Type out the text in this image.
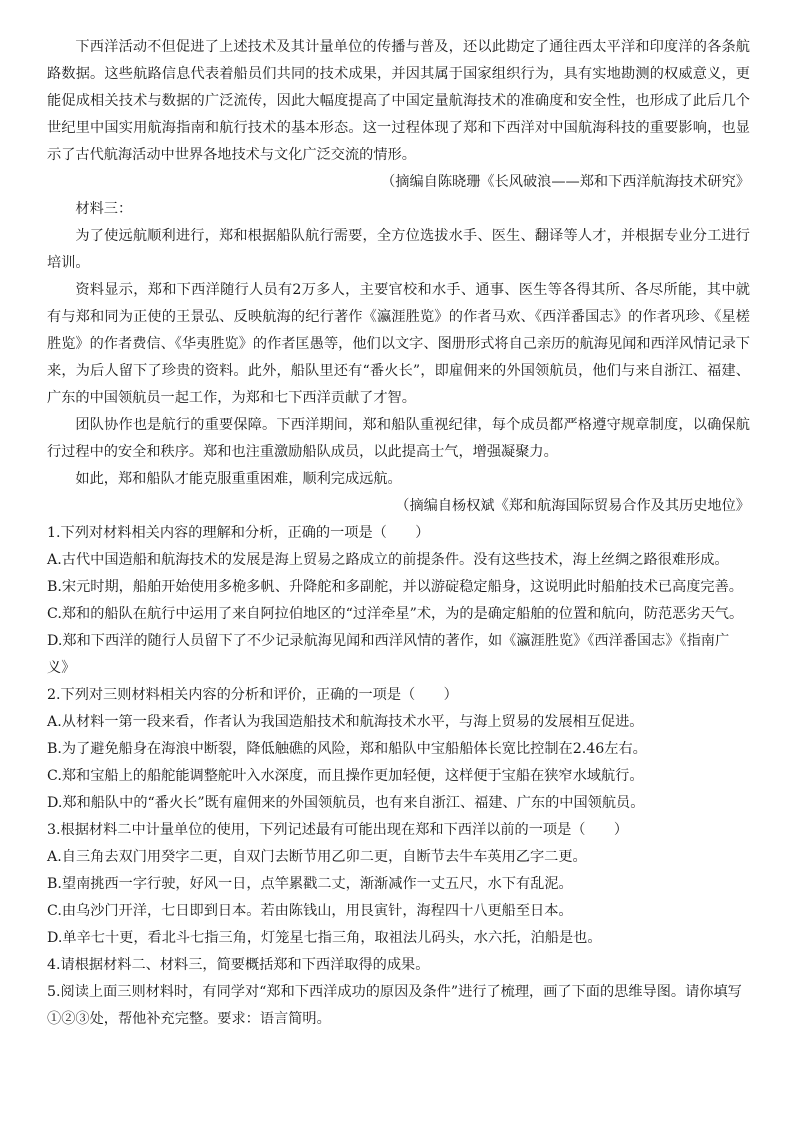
下西洋活动不但促进了上述技术及其计量单位的传播与普及，还以此勘定了通往西太平洋和印度洋的各条航路数据。这些航路信息代表着船员们共同的技术成果，并因其属于国家组织行为，具有实地勘测的权威意义，更能促成相关技术与数据的广泛流传，因此大幅度提高了中国定量航海技术的准确度和安全性，也形成了此后几个世纪里中国实用航海指南和航行技术的基本形态。这一过程体现了郑和下西洋对中国航海科技的重要影响，也显示了古代航海活动中世界各地技术与文化广泛交流的情形。

（摘编自陈晓珊《长风破浪——郑和下西洋航海技术研究》

材料三：

为了使远航顺利进行，郑和根据船队航行需要，全方位选拔水手、医生、翻译等人才，并根据专业分工进行培训。

资料显示，郑和下西洋随行人员有2万多人，主要官校和水手、通事、医生等各得其所、各尽所能，其中就有与郑和同为正使的王景弘、反映航海的纪行著作《瀛涯胜览》的作者马欢、《西洋番国志》的作者巩珍、《星槎胜览》的作者费信、《华夷胜览》的作者匡愚等，他们以文字、图册形式将自己亲历的航海见闻和西洋风情记录下来，为后人留下了珍贵的资料。此外，船队里还有“番火长”，即雇佣来的外国领航员，他们与来自浙江、福建、广东的中国领航员一起工作，为郑和七下西洋贡献了才智。

团队协作也是航行的重要保障。下西洋期间，郑和船队重视纪律，每个成员都严格遵守规章制度，以确保航行过程中的安全和秩序。郑和也注重激励船队成员，以此提高士气，增强凝聚力。

如此，郑和船队才能克服重重困难，顺利完成远航。

（摘编自杨权斌《郑和航海国际贸易合作及其历史地位》

1.下列对材料相关内容的理解和分析，正确的一项是（　　）

A.古代中国造船和航海技术的发展是海上贸易之路成立的前提条件。没有这些技术，海上丝绸之路很难形成。

B.宋元时期，船舶开始使用多桅多帆、升降舵和多副舵，并以游碇稳定船身，这说明此时船舶技术已高度完善。

C.郑和的船队在航行中运用了来自阿拉伯地区的“过洋牵星”术，为的是确定船舶的位置和航向，防范恶劣天气。

D.郑和下西洋的随行人员留下了不少记录航海见闻和西洋风情的著作，如《瀛涯胜览》《西洋番国志》《指南广义》

2.下列对三则材料相关内容的分析和评价，正确的一项是（　　）

A.从材料一第一段来看，作者认为我国造船技术和航海技术水平，与海上贸易的发展相互促进。

B.为了避免船身在海浪中断裂，降低触礁的风险，郑和船队中宝船船体长宽比控制在2.46左右。

C.郑和宝船上的船舵能调整舵叶入水深度，而且操作更加轻便，这样便于宝船在狭窄水域航行。

D.郑和船队中的“番火长”既有雇佣来的外国领航员，也有来自浙江、福建、广东的中国领航员。

3.根据材料二中计量单位的使用，下列记述最有可能出现在郑和下西洋以前的一项是（　　）

A.自三角去双门用癸字二更，自双门去断节用乙卯二更，自断节去牛车英用乙字二更。

B.望南挑西一字行驶，好风一日，点竿累戳二丈，渐渐减作一丈五尺，水下有乱泥。

C.由乌沙门开洋，七日即到日本。若由陈钱山，用艮寅针，海程四十八更船至日本。

D.单辛七十更，看北斗七指三角，灯笼星七指三角，取祖法儿码头，水六托，泊船是也。

4.请根据材料二、材料三，简要概括郑和下西洋取得的成果。

5.阅读上面三则材料时，有同学对“郑和下西洋成功的原因及条件”进行了梳理，画了下面的思维导图。请你填写①②③处，帮他补充完整。要求：语言简明。
